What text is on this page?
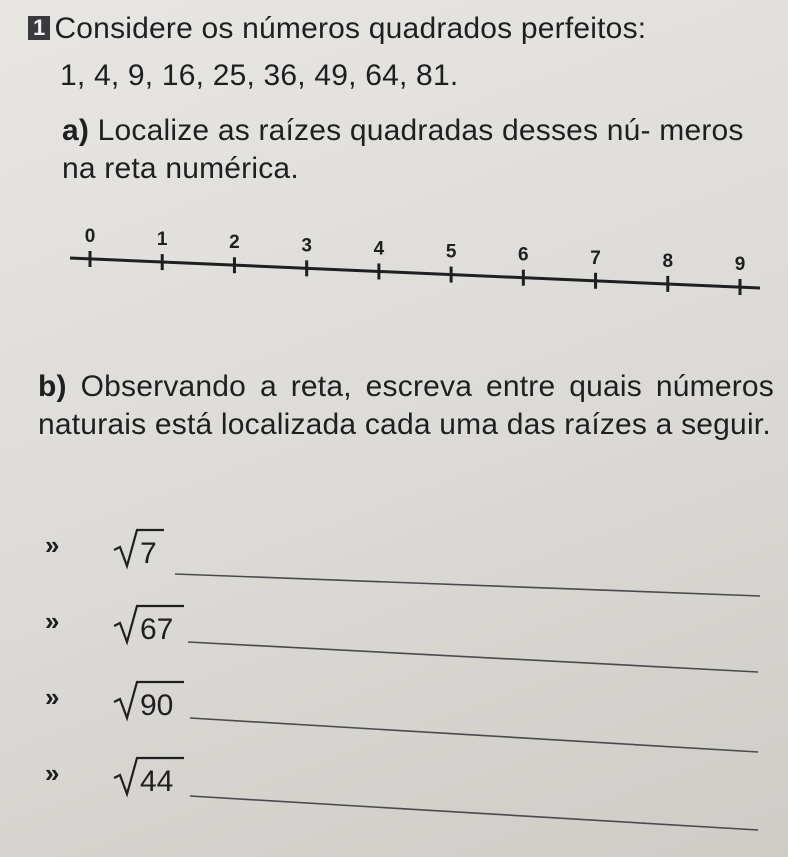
1 Considere os números quadrados perfeitos:

1, 4, 9, 16, 25, 36, 49, 64, 81.

a) Localize as raízes quadradas desses nú- meros na reta numérica.

0	1	2	3	4	5	6	7	8	9

b) Observando a reta, escreva entre quais números naturais está localizada cada uma das raízes a seguir.

»	7
»	67
»	90
»	44
